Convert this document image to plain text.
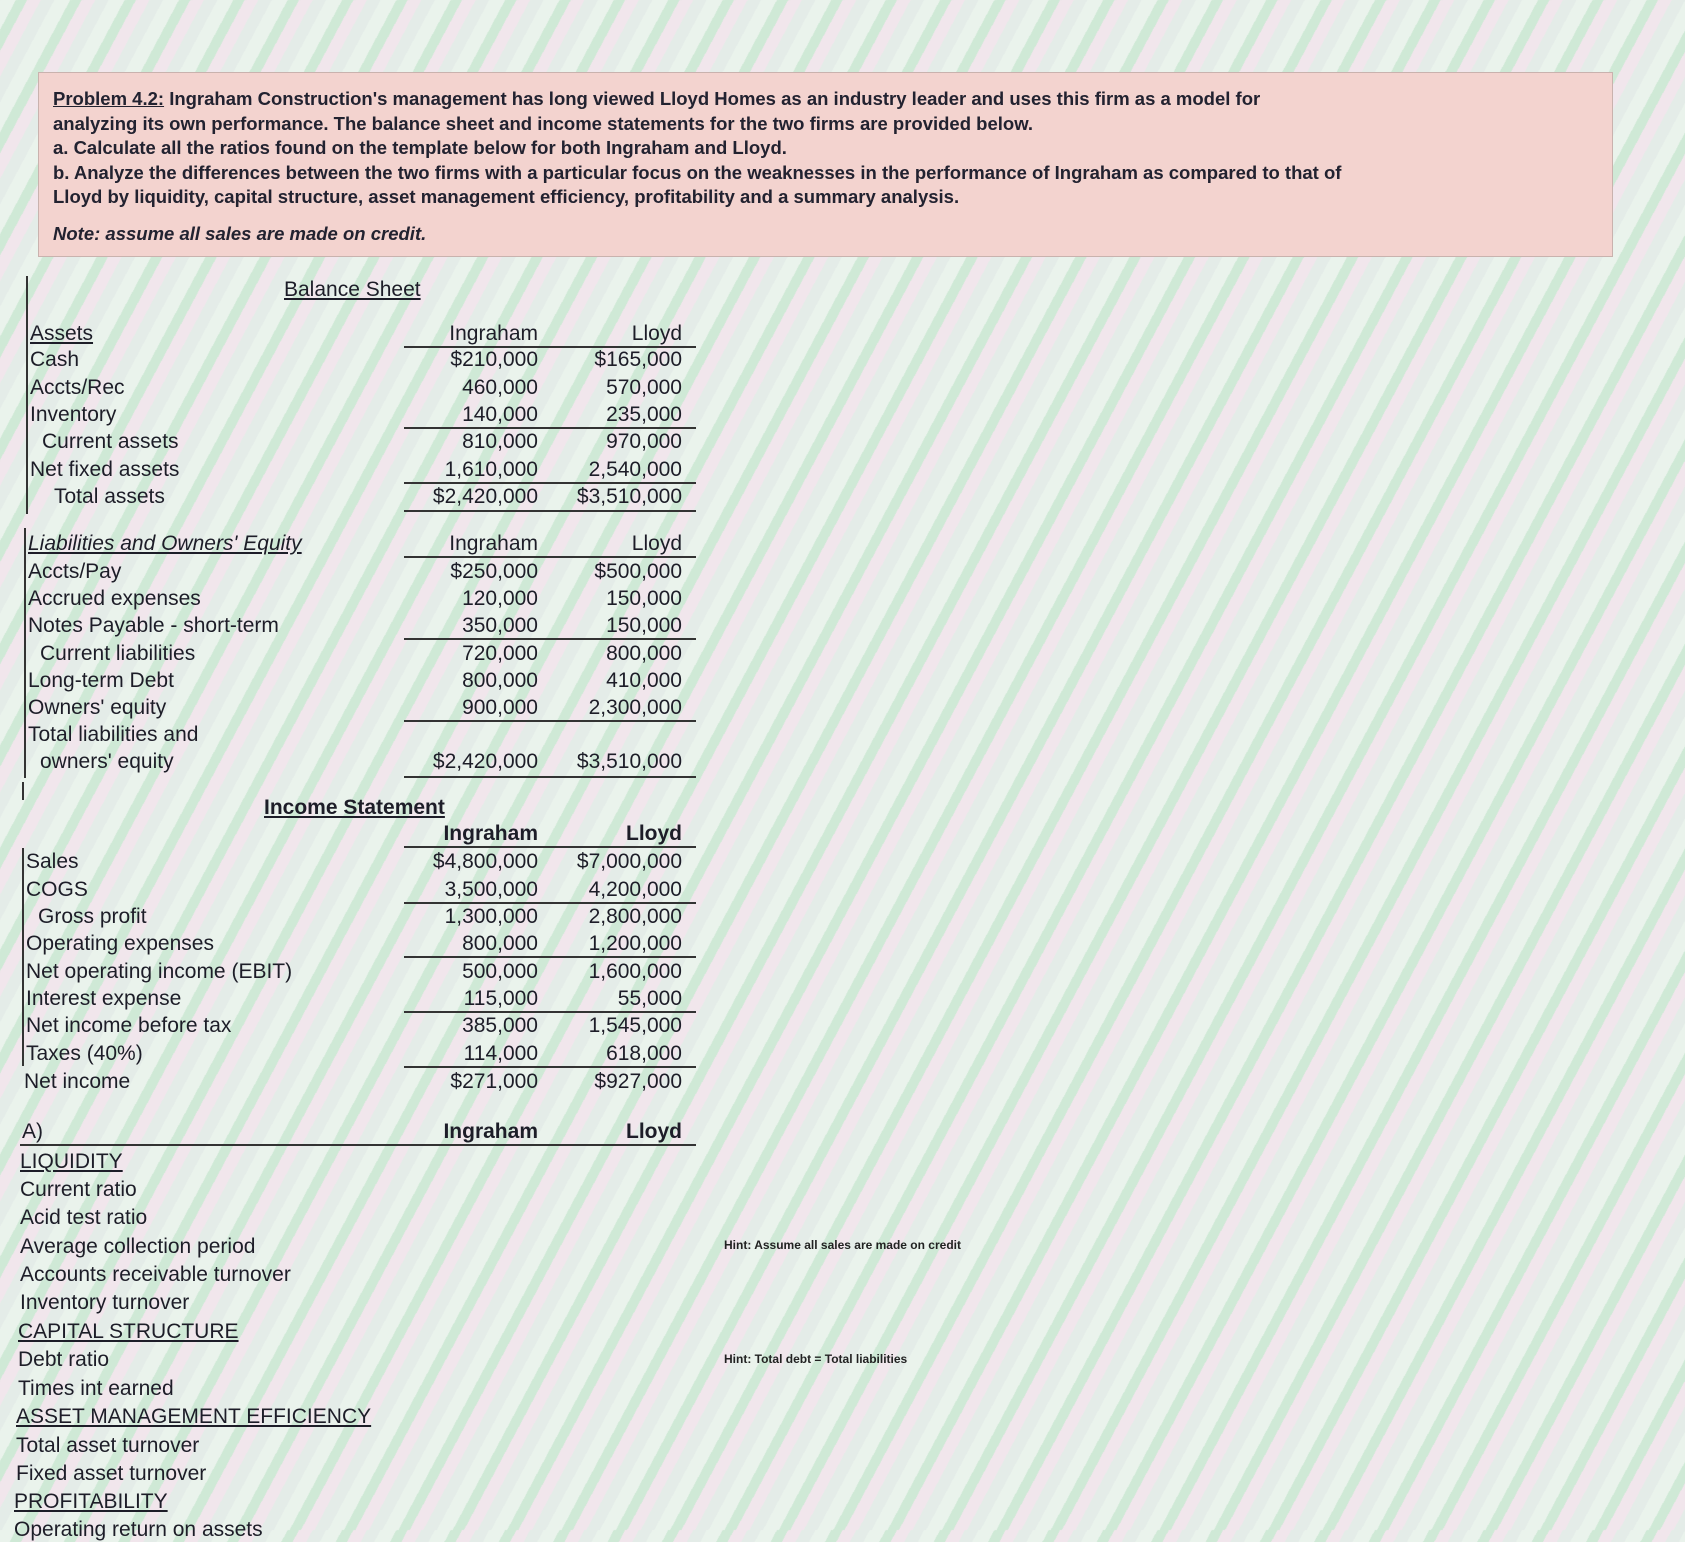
Problem 4.2: Ingraham Construction's management has long viewed Lloyd Homes as an industry leader and uses this firm as a model for
analyzing its own performance. The balance sheet and income statements for the two firms are provided below.
a. Calculate all the ratios found on the template below for both Ingraham and Lloyd.
b. Analyze the differences between the two firms with a particular focus on the weaknesses in the performance of Ingraham as compared to that of
Lloyd by liquidity, capital structure, asset management efficiency, profitability and a summary analysis.
Note: assume all sales are made on credit.
Balance Sheet
Assets	Ingraham	Lloyd
Cash	$210,000	$165,000
Accts/Rec	460,000	570,000
Inventory	140,000	235,000
Current assets	810,000	970,000
Net fixed assets	1,610,000	2,540,000
Total assets	$2,420,000	$3,510,000
Liabilities and Owners' Equity	Ingraham	Lloyd
Accts/Pay	$250,000	$500,000
Accrued expenses	120,000	150,000
Notes Payable - short-term	350,000	150,000
Current liabilities	720,000	800,000
Long-term Debt	800,000	410,000
Owners' equity	900,000	2,300,000
Total liabilities and
owners' equity	$2,420,000	$3,510,000
Income Statement
Ingraham	Lloyd
Sales	$4,800,000	$7,000,000
COGS	3,500,000	4,200,000
Gross profit	1,300,000	2,800,000
Operating expenses	800,000	1,200,000
Net operating income (EBIT)	500,000	1,600,000
Interest expense	115,000	55,000
Net income before tax	385,000	1,545,000
Taxes (40%)	114,000	618,000
Net income	$271,000	$927,000
A)	Ingraham	Lloyd
LIQUIDITY
Current ratio
Acid test ratio
Average collection period
Accounts receivable turnover
Inventory turnover
CAPITAL STRUCTURE
Debt ratio
Times int earned
ASSET MANAGEMENT EFFICIENCY
Total asset turnover
Fixed asset turnover
PROFITABILITY
Operating return on assets
Hint: Assume all sales are made on credit
Hint: Total debt = Total liabilities
